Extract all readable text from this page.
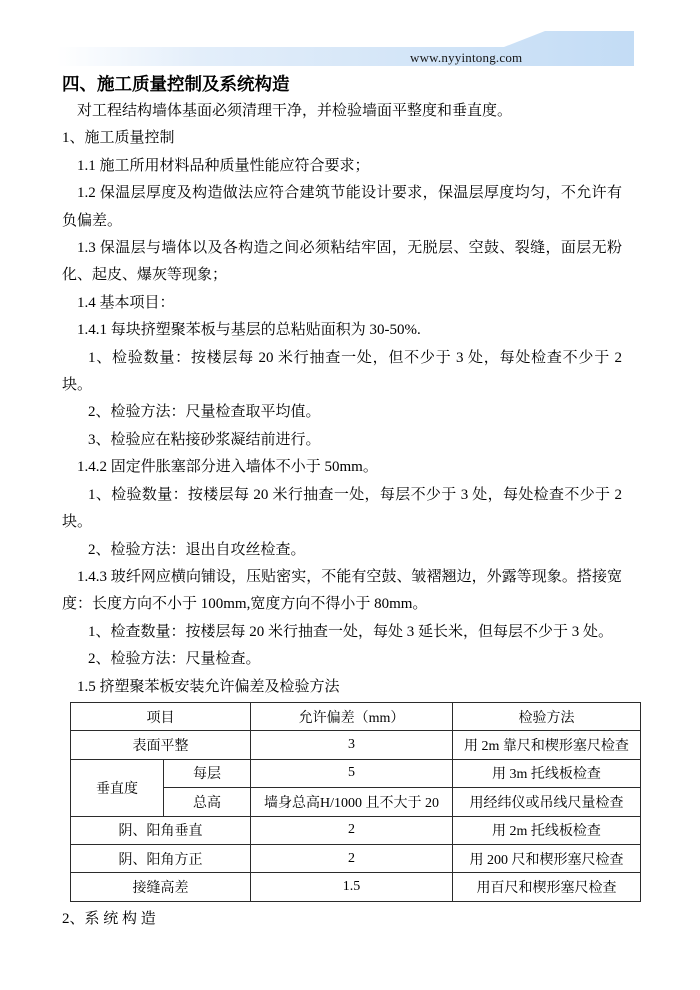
www.nyyintong.com
四、施工质量控制及系统构造

对工程结构墙体基面必须清理干净，并检验墙面平整度和垂直度。

1、施工质量控制

1.1 施工所用材料品种质量性能应符合要求；

1.2 保温层厚度及构造做法应符合建筑节能设计要求，保温层厚度均匀，不允许有负偏差。

1.3 保温层与墙体以及各构造之间必须粘结牢固，无脱层、空鼓、裂缝，面层无粉化、起皮、爆灰等现象；

1.4 基本项目：

1.4.1 每块挤塑聚苯板与基层的总粘贴面积为 30-50%.

1、检验数量：按楼层每 20 米行抽查一处，但不少于 3 处，每处检查不少于 2 块。

2、检验方法：尺量检查取平均值。

3、检验应在粘接砂浆凝结前进行。

1.4.2 固定件胀塞部分进入墙体不小于 50mm。

1、检验数量：按楼层每 20 米行抽查一处，每层不少于 3 处，每处检查不少于 2 块。

2、检验方法：退出自攻丝检查。

1.4.3 玻纤网应横向铺设，压贴密实，不能有空鼓、皱褶翘边，外露等现象。搭接宽度：长度方向不小于 100mm,宽度方向不得小于 80mm。

1、检查数量：按楼层每 20 米行抽查一处，每处 3 延长米，但每层不少于 3 处。

2、检验方法：尺量检查。

1.5 挤塑聚苯板安装允许偏差及检验方法

项目		允许偏差（mm）	检验方法
表面平整		3	用 2m 靠尺和楔形塞尺检查
垂直度	每层	5	用 3m 托线板检查
	总高	墙身总高H/1000 且不大于 20	用经纬仪或吊线尺量检查
阴、阳角垂直		2	用 2m 托线板检查
阴、阳角方正		2	用 200 尺和楔形塞尺检查
接缝高差		1.5	用百尺和楔形塞尺检查

2、系 统 构 造
